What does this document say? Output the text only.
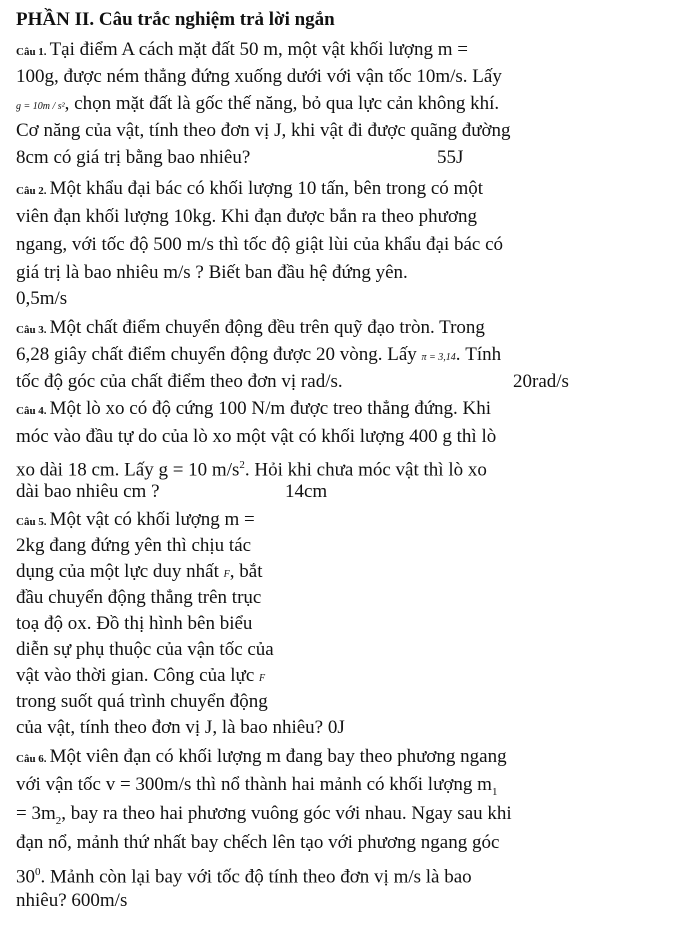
PHẦN II. Câu trắc nghiệm trả lời ngắn
Câu 1. Tại điểm A cách mặt đất 50 m, một vật khối lượng m =
100g, được ném thẳng đứng xuống dưới với vận tốc 10m/s. Lấy
g = 10m / s², chọn mặt đất là gốc thế năng, bỏ qua lực cản không khí.
Cơ năng của vật, tính theo đơn vị J, khi vật đi được quãng đường
8cm có giá trị bằng bao nhiêu?	55J
Câu 2. Một khẩu đại bác có khối lượng 10 tấn, bên trong có một
viên đạn khối lượng 10kg. Khi đạn được bắn ra theo phương
ngang, với tốc độ 500 m/s thì tốc độ giật lùi của khẩu đại bác có
giá trị là bao nhiêu m/s ? Biết ban đầu hệ đứng yên.
0,5m/s
Câu 3. Một chất điểm chuyển động đều trên quỹ đạo tròn. Trong
6,28 giây chất điểm chuyển động được 20 vòng. Lấy π = 3,14. Tính
tốc độ góc của chất điểm theo đơn vị rad/s.	20rad/s
Câu 4. Một lò xo có độ cứng 100 N/m được treo thẳng đứng. Khi
móc vào đầu tự do của lò xo một vật có khối lượng 400 g thì lò
xo dài 18 cm. Lấy g = 10 $m/s^2$. Hỏi khi chưa móc vật thì lò xo
dài bao nhiêu cm ?	14cm
Câu 5. Một vật có khối lượng m =
2kg đang đứng yên thì chịu tác
dụng của một lực duy nhất F, bắt
đầu chuyển động thẳng trên trục
toạ độ ox. Đồ thị hình bên biểu
diễn sự phụ thuộc của vận tốc của
vật vào thời gian. Công của lực F
trong suốt quá trình chuyển động
của vật, tính theo đơn vị J, là bao nhiêu? 0J
Câu 6. Một viên đạn có khối lượng m đang bay theo phương ngang
với vận tốc v = 300m/s thì nổ thành hai mảnh có khối lượng $m_1$
= $3m_2$, bay ra theo hai phương vuông góc với nhau. Ngay sau khi
đạn nổ, mảnh thứ nhất bay chếch lên tạo với phương ngang góc
$30^0$. Mảnh còn lại bay với tốc độ tính theo đơn vị m/s là bao
nhiêu? 600m/s
